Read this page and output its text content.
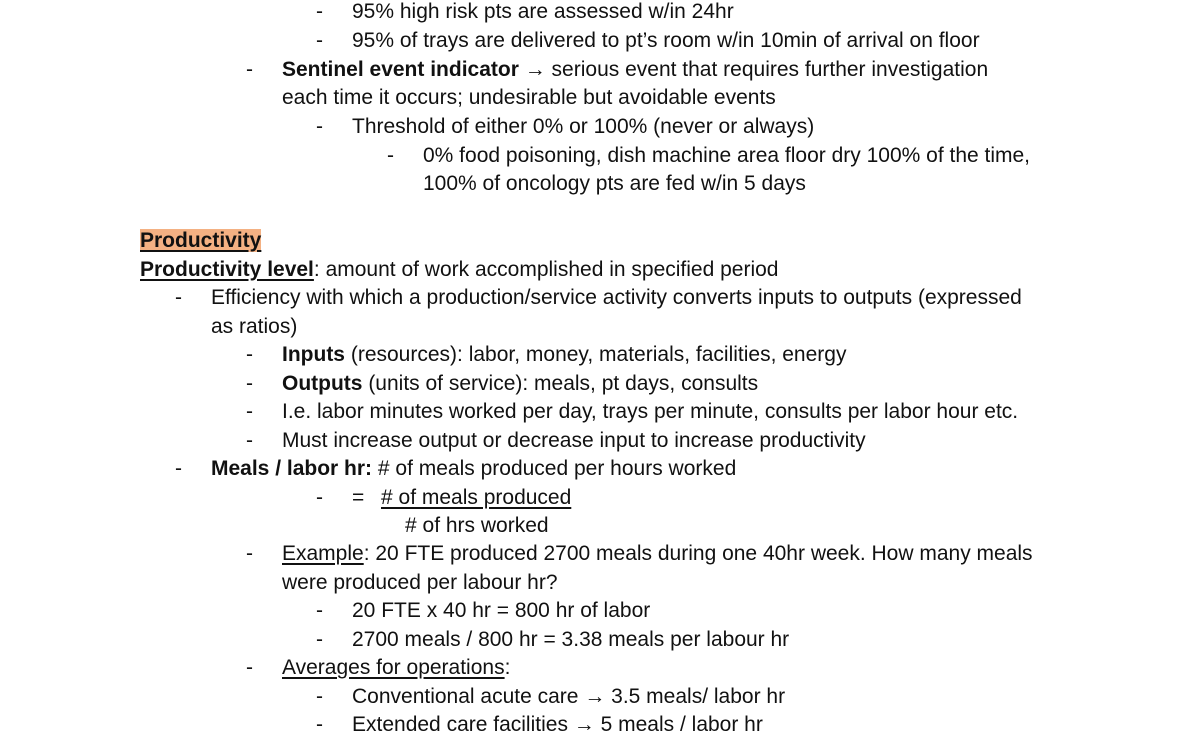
- 95% high risk pts are assessed w/in 24hr
- 95% of trays are delivered to pt’s room w/in 10min of arrival on floor
- Sentinel event indicator → serious event that requires further investigation
each time it occurs; undesirable but avoidable events
- Threshold of either 0% or 100% (never or always)
- 0% food poisoning, dish machine area floor dry 100% of the time,
100% of oncology pts are fed w/in 5 days
Productivity
Productivity level: amount of work accomplished in specified period
- Efficiency with which a production/service activity converts inputs to outputs (expressed
as ratios)
- Inputs (resources): labor, money, materials, facilities, energy
- Outputs (units of service): meals, pt days, consults
- I.e. labor minutes worked per day, trays per minute, consults per labor hour etc.
- Must increase output or decrease input to increase productivity
- Meals / labor hr: # of meals produced per hours worked
- = # of meals produced
# of hrs worked
- Example: 20 FTE produced 2700 meals during one 40hr week. How many meals
were produced per labour hr?
- 20 FTE x 40 hr = 800 hr of labor
- 2700 meals / 800 hr = 3.38 meals per labour hr
- Averages for operations:
- Conventional acute care → 3.5 meals/ labor hr
- Extended care facilities → 5 meals / labor hr
